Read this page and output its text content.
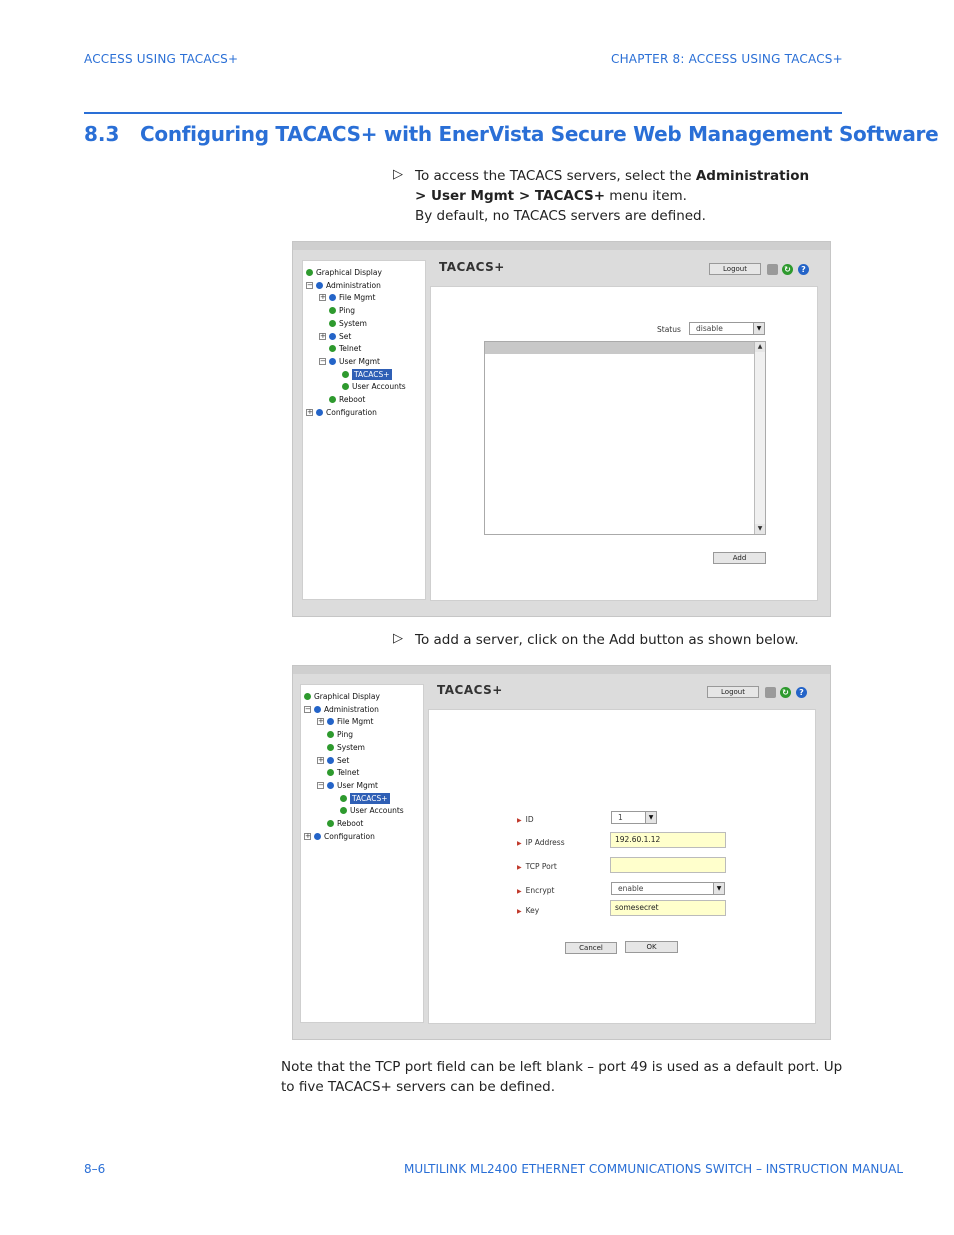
ACCESS USING TACACS+	CHAPTER 8: ACCESS USING TACACS+
8.3 Configuring TACACS+ with EnerVista Secure Web Management Software
▷ To access the TACACS servers, select the Administration > User Mgmt > TACACS+ menu item.
By default, no TACACS servers are defined.
Graphical Display
− Administration
+ File Mgmt
Ping
System
+ Set
Telnet
− User Mgmt
TACACS+
User Accounts
Reboot
+ Configuration
TACACS+	Logout	↻	?
Status	disable	▼
▲
▼
Add
▷ To add a server, click on the Add button as shown below.
Graphical Display
− Administration
+ File Mgmt
Ping
System
+ Set
Telnet
− User Mgmt
TACACS+
User Accounts
Reboot
+ Configuration
TACACS+	Logout	↻	?
▶ ID	1	▼
▶ IP Address	192.60.1.12
▶ TCP Port
▶ Encrypt	enable	▼
▶ Key	somesecret
Cancel	OK
Note that the TCP port field can be left blank – port 49 is used as a default port. Up to five TACACS+ servers can be defined.
8–6	MULTILINK ML2400 ETHERNET COMMUNICATIONS SWITCH – INSTRUCTION MANUAL
